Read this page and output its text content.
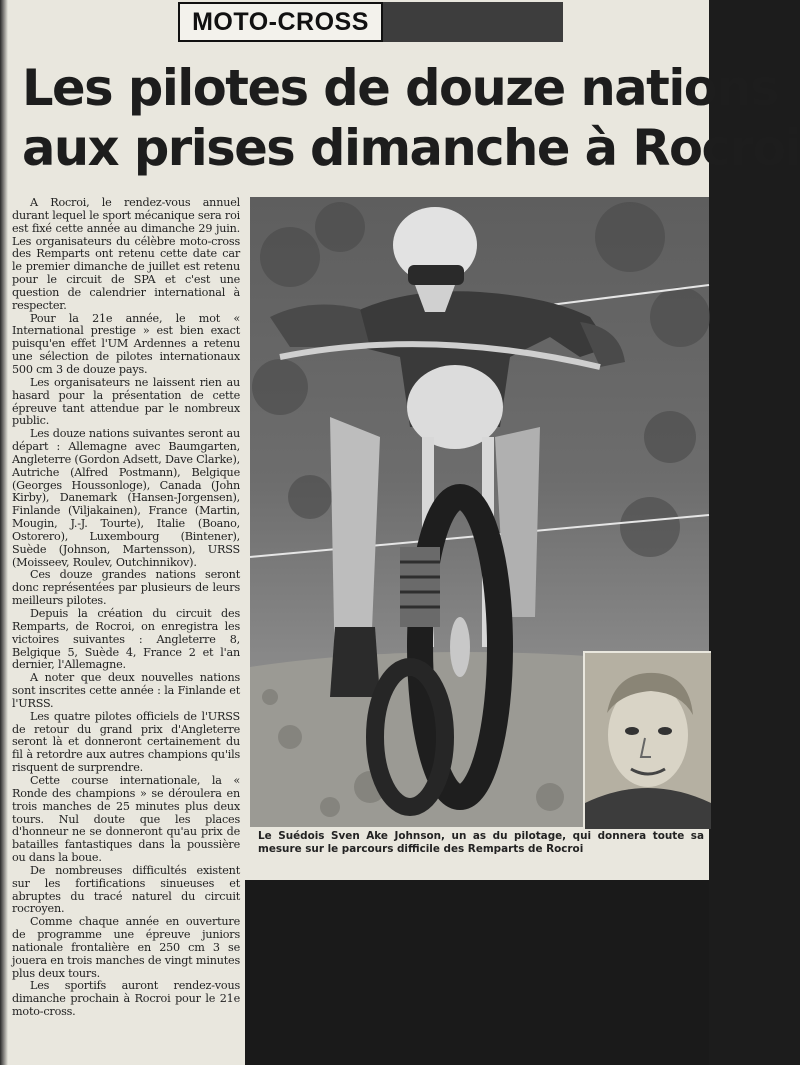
MOTO-CROSS
Les pilotes de douze nations
aux prises dimanche à Rocroi

A Rocroi, le rendez-vous annuel durant lequel le sport mécanique sera roi est fixé cette année au dimanche 29 juin. Les organisateurs du célèbre moto-cross des Remparts ont retenu cette date car le premier dimanche de juillet est retenu pour le circuit de SPA et c'est une question de calendrier international à respecter.

Pour la 21e année, le mot « International prestige » est bien exact puisqu'en effet l'UM Ardennes a retenu une sélection de pilotes internationaux 500 cm 3 de douze pays.

Les organisateurs ne laissent rien au hasard pour la présentation de cette épreuve tant attendue par le nombreux public.

Les douze nations suivantes seront au départ : Allemagne avec Baumgarten, Angleterre (Gordon Adsett, Dave Clarke), Autriche (Alfred Postmann), Belgique (Georges Houssonloge), Canada (John Kirby), Danemark (Hansen-Jorgensen), Finlande (Viljakainen), France (Martin, Mougin, J.-J. Tourte), Italie (Boano, Ostorero), Luxembourg (Bintener), Suède (Johnson, Martensson), URSS (Moisseev, Roulev, Outchinnikov).

Ces douze grandes nations seront donc représentées par plusieurs de leurs meilleurs pilotes.

Depuis la création du circuit des Remparts, de Rocroi, on enregistra les victoires suivantes : Angleterre 8, Belgique 5, Suède 4, France 2 et l'an dernier, l'Allemagne.

A noter que deux nouvelles nations sont inscrites cette année : la Finlande et l'URSS.

Les quatre pilotes officiels de l'URSS de retour du grand prix d'Angleterre seront là et donneront certainement du fil à retordre aux autres champions qu'ils risquent de surprendre.

Cette course internationale, la « Ronde des champions » se déroulera en trois manches de 25 minutes plus deux tours. Nul doute que les places d'honneur ne se donneront qu'au prix de batailles fantastiques dans la poussière ou dans la boue.

De nombreuses difficultés existent sur les fortifications sinueuses et abruptes du tracé naturel du circuit rocroyen.

Comme chaque année en ouverture de programme une épreuve juniors nationale frontalière en 250 cm 3 se jouera en trois manches de vingt minutes plus deux tours.

Les sportifs auront rendez-vous dimanche prochain à Rocroi pour le 21e moto-cross.

Le Suédois Sven Ake Johnson, un as du pilotage, qui donnera toute sa mesure sur le parcours difficile des Remparts de Rocroi
